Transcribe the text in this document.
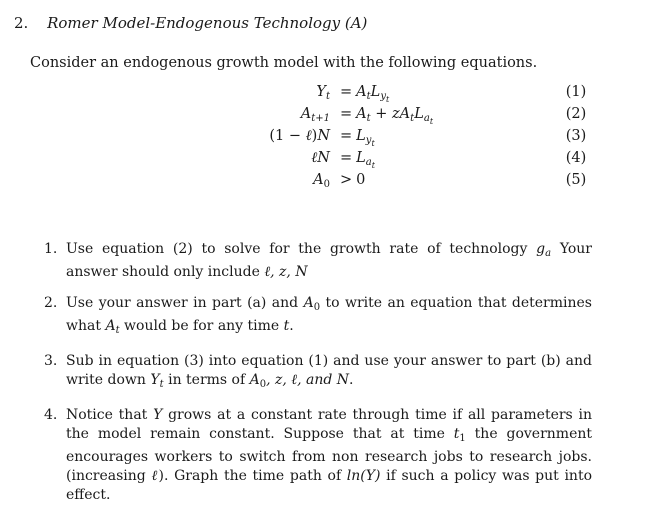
2. Romer Model-Endogenous Technology (A)
Consider an endogenous growth model with the following equations.
$Y_t = A_tL_{y_t}$	(1)
$A_{t+1} = A_t + zA_tL_{a_t}$	(2)
(1 − ℓ)N = $L_{y_t}$	(3)
ℓN = $L_{a_t}$	(4)
$A_0 > 0$	(5)
1. Use equation (2) to solve for the growth rate of technology $g_a$ Your answer should only include ℓ, z, N
2. Use your answer in part (a) and $A_0$ to write an equation that determines what $A_t$ would be for any time t.
3. Sub in equation (3) into equation (1) and use your answer to part (b) and write down $Y_t$ in terms of $A_0$, z, ℓ, and N.
4. Notice that Y grows at a constant rate through time if all parameters in the model remain constant. Suppose that at time $t_1$ the government encourages workers to switch from non research jobs to research jobs. (increasing ℓ). Graph the time path of ln(Y) if such a policy was put into effect.
